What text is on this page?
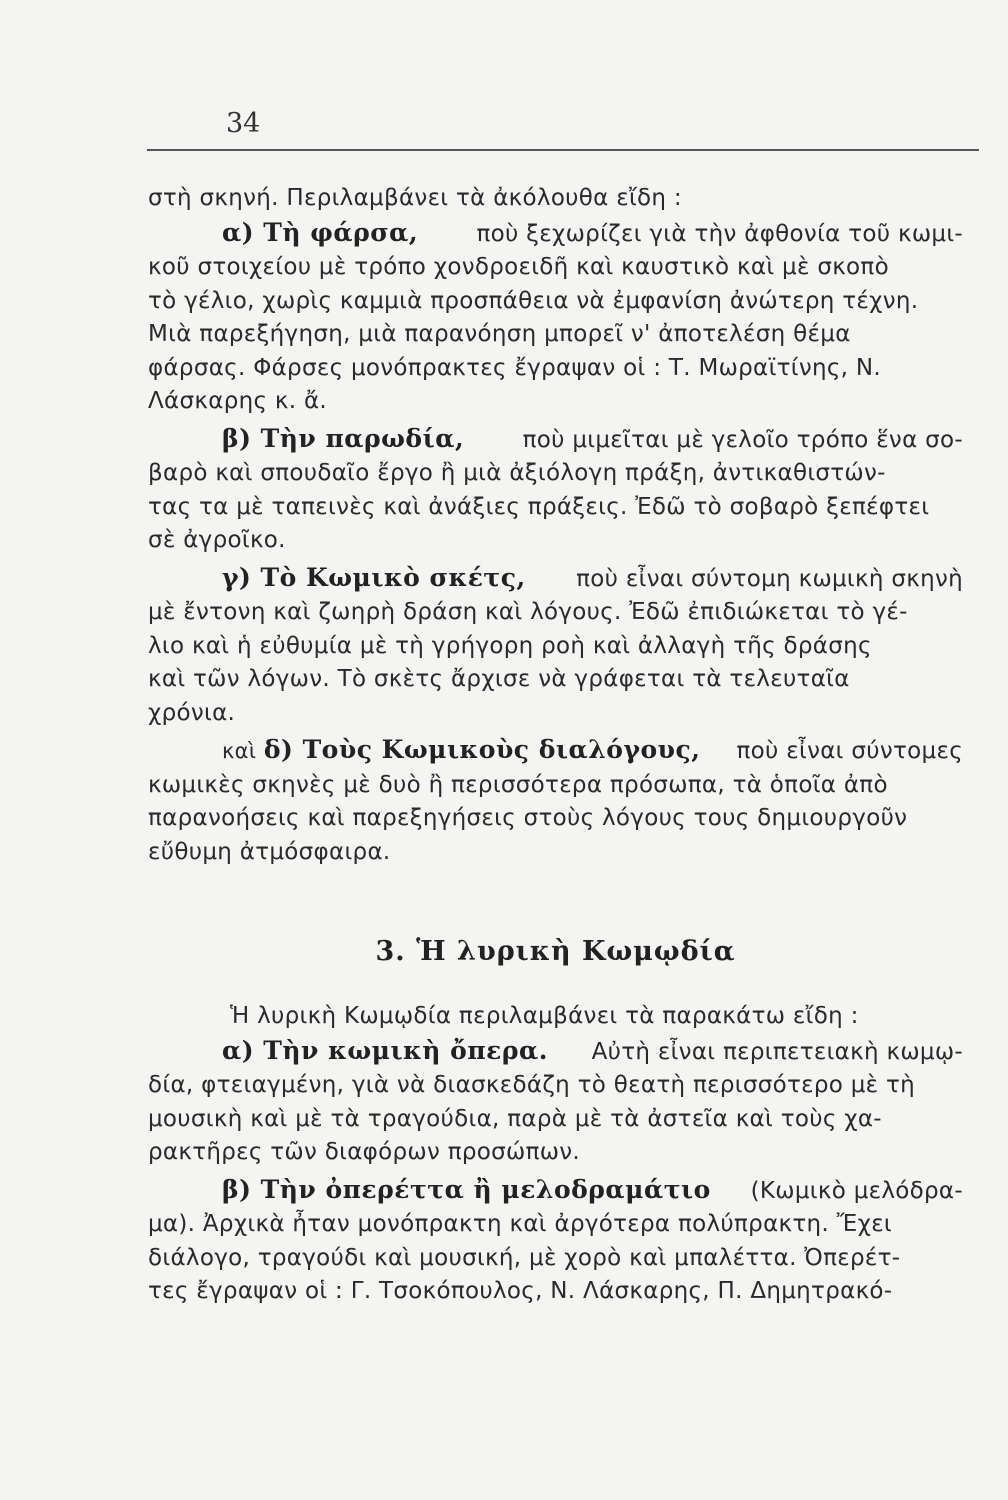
34
στὴ σκηνή. Περιλαμβάνει τὰ ἀκόλουθα εἴδη :
α) Τὴ φάρσα,	ποὺ ξεχωρίζει γιὰ τὴν ἀφθονία τοῦ κωμι-
κοῦ στοιχείου μὲ τρόπο χονδροειδῆ καὶ καυστικὸ καὶ μὲ σκοπὸ
τὸ γέλιο, χωρὶς καμμιὰ προσπάθεια νὰ ἐμφανίση ἀνώτερη τέχνη.
Μιὰ παρεξήγηση, μιὰ παρανόηση μπορεῖ ν' ἀποτελέση θέμα
φάρσας. Φάρσες μονόπρακτες ἔγραψαν οἱ : Τ. Μωραϊτίνης, Ν.
Λάσκαρης κ. ἄ.
β) Τὴν παρωδία,	ποὺ μιμεῖται μὲ γελοῖο τρόπο ἕνα σο-
βαρὸ καὶ σπουδαῖο ἔργο ἢ μιὰ ἀξιόλογη πράξη, ἀντικαθιστών-
τας τα μὲ ταπεινὲς καὶ ἀνάξιες πράξεις. Ἐδῶ τὸ σοβαρὸ ξεπέφτει
σὲ ἀγροῖκο.
γ) Τὸ Κωμικὸ σκέτς, ποὺ εἶναι σύντομη κωμικὴ σκηνὴ
μὲ ἔντονη καὶ ζωηρὴ δράση καὶ λόγους. Ἐδῶ ἐπιδιώκεται τὸ γέ-
λιο καὶ ἡ εὐθυμία μὲ τὴ γρήγορη ροὴ καὶ ἀλλαγὴ τῆς δράσης
καὶ τῶν λόγων. Τὸ σκὲτς ἄρχισε νὰ γράφεται τὰ τελευταῖα
χρόνια.
καὶ δ) Τοὺς Κωμικοὺς διαλόγους, ποὺ εἶναι σύντομες
κωμικὲς σκηνὲς μὲ δυὸ ἢ περισσότερα πρόσωπα, τὰ ὁποῖα ἀπὸ
παρανοήσεις καὶ παρεξηγήσεις στοὺς λόγους τους δημιουργοῦν
εὔθυμη ἀτμόσφαιρα.
3. Ἡ λυρικὴ Κωμῳδία
Ἡ λυρικὴ Κωμῳδία περιλαμβάνει τὰ παρακάτω εἴδη :
α) Τὴν κωμικὴ ὄπερα. Αὐτὴ εἶναι περιπετειακὴ κωμῳ-
δία, φτειαγμένη, γιὰ νὰ διασκεδάζη τὸ θεατὴ περισσότερο μὲ τὴ
μουσικὴ καὶ μὲ τὰ τραγούδια, παρὰ μὲ τὰ ἀστεῖα καὶ τοὺς χα-
ρακτῆρες τῶν διαφόρων προσώπων.
β) Τὴν ὀπερέττα ἢ μελοδραμάτιο (Κωμικὸ μελόδρα-
μα). Ἀρχικὰ ἦταν μονόπρακτη καὶ ἀργότερα πολύπρακτη. Ἔχει
διάλογο, τραγούδι καὶ μουσική, μὲ χορὸ καὶ μπαλέττα. Ὀπερέτ-
τες ἔγραψαν οἱ : Γ. Τσοκόπουλος, Ν. Λάσκαρης, Π. Δημητρακό-
